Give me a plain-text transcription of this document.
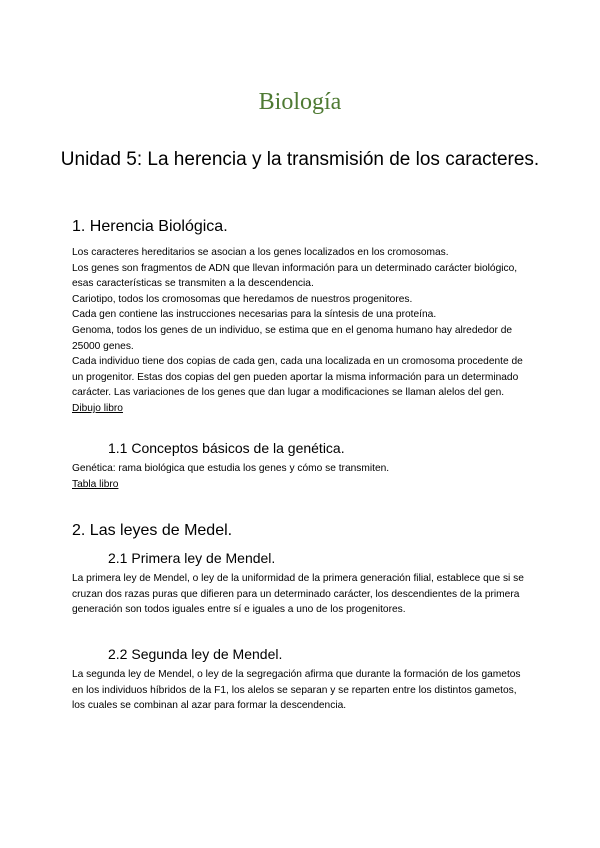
Biología
Unidad 5: La herencia y la transmisión de los caracteres.
1. Herencia Biológica.

Los caracteres hereditarios se asocian a los genes localizados en los cromosomas.

Los genes son fragmentos de ADN que llevan información para un determinado carácter biológico, esas características se transmiten a la descendencia.

Cariotipo, todos los cromosomas que heredamos de nuestros progenitores.

Cada gen contiene las instrucciones necesarias para la síntesis de una proteína.

Genoma, todos los genes de un individuo, se estima que en el genoma humano hay alrededor de 25000 genes.

Cada individuo tiene dos copias de cada gen, cada una localizada en un cromosoma procedente de un progenitor. Estas dos copias del gen pueden aportar la misma información para un determinado carácter. Las variaciones de los genes que dan lugar a modificaciones se llaman alelos del gen.

Dibujo libro

1.1 Conceptos básicos de la genética.

Genética: rama biológica que estudia los genes y cómo se transmiten.

Tabla libro

2. Las leyes de Medel.
2.1 Primera ley de Mendel.

La primera ley de Mendel, o ley de la uniformidad de la primera generación filial, establece que si se cruzan dos razas puras que difieren para un determinado carácter, los descendientes de la primera generación son todos iguales entre sí e iguales a uno de los progenitores.

2.2 Segunda ley de Mendel.

La segunda ley de Mendel, o ley de la segregación afirma que durante la formación de los gametos en los individuos híbridos de la F1, los alelos se separan y se reparten entre los distintos gametos, los cuales se combinan al azar para formar la descendencia.
